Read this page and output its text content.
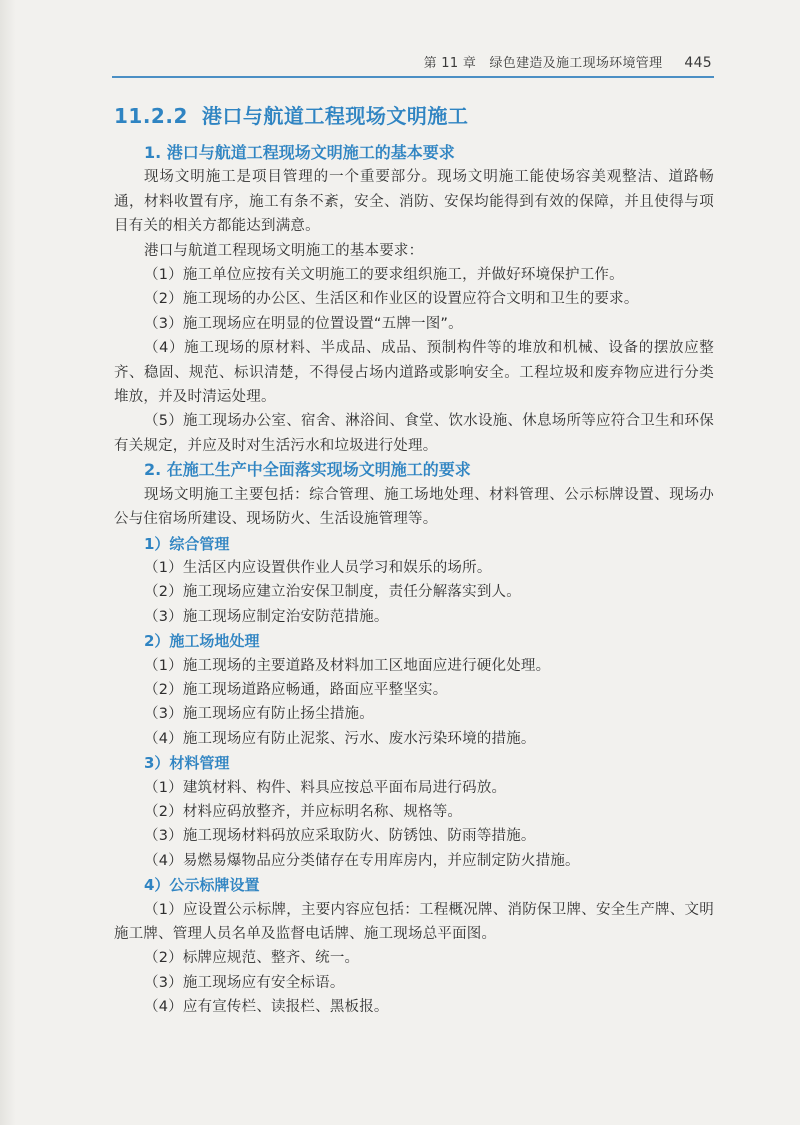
第 11 章　绿色建造及施工现场环境管理 445
11.2.2 港口与航道工程现场文明施工
1. 港口与航道工程现场文明施工的基本要求

现场文明施工是项目管理的一个重要部分。现场文明施工能使场容美观整洁、道路畅通，材料收置有序，施工有条不紊，安全、消防、安保均能得到有效的保障，并且使得与项目有关的相关方都能达到满意。

港口与航道工程现场文明施工的基本要求：

（1）施工单位应按有关文明施工的要求组织施工，并做好环境保护工作。

（2）施工现场的办公区、生活区和作业区的设置应符合文明和卫生的要求。

（3）施工现场应在明显的位置设置“五牌一图”。

（4）施工现场的原材料、半成品、成品、预制构件等的堆放和机械、设备的摆放应整齐、稳固、规范、标识清楚，不得侵占场内道路或影响安全。工程垃圾和废弃物应进行分类堆放，并及时清运处理。

（5）施工现场办公室、宿舍、淋浴间、食堂、饮水设施、休息场所等应符合卫生和环保有关规定，并应及时对生活污水和垃圾进行处理。

2. 在施工生产中全面落实现场文明施工的要求

现场文明施工主要包括：综合管理、施工场地处理、材料管理、公示标牌设置、现场办公与住宿场所建设、现场防火、生活设施管理等。

1）综合管理

（1）生活区内应设置供作业人员学习和娱乐的场所。

（2）施工现场应建立治安保卫制度，责任分解落实到人。

（3）施工现场应制定治安防范措施。

2）施工场地处理

（1）施工现场的主要道路及材料加工区地面应进行硬化处理。

（2）施工现场道路应畅通，路面应平整坚实。

（3）施工现场应有防止扬尘措施。

（4）施工现场应有防止泥浆、污水、废水污染环境的措施。

3）材料管理

（1）建筑材料、构件、料具应按总平面布局进行码放。

（2）材料应码放整齐，并应标明名称、规格等。

（3）施工现场材料码放应采取防火、防锈蚀、防雨等措施。

（4）易燃易爆物品应分类储存在专用库房内，并应制定防火措施。

4）公示标牌设置

（1）应设置公示标牌，主要内容应包括：工程概况牌、消防保卫牌、安全生产牌、文明施工牌、管理人员名单及监督电话牌、施工现场总平面图。

（2）标牌应规范、整齐、统一。

（3）施工现场应有安全标语。

（4）应有宣传栏、读报栏、黑板报。
